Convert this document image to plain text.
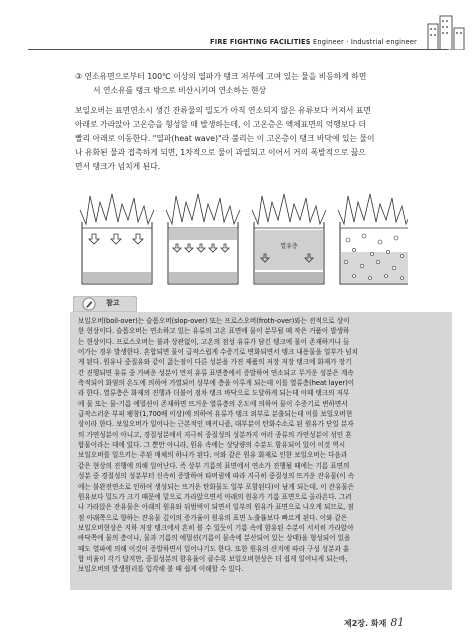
FIRE FIGHTING FACILITIES Engineer · Industrial engineer
③ 연소유면으로부터 100℃ 이상의 열파가 탱크 저부에 고여 있는 물을 비등하게 하면
서 연소유를 탱크 밖으로 비산시키며 연소하는 현상
보일오버는 표면연소시 생긴 잔류물의 밀도가 아직 연소되지 않은 유류보다 커져서 표면
아래로 가라앉아 고온층을 형성할 때 발생하는데, 이 고온층은 액체표면의 억행보다 더
빨리 아래로 이동한다. "열파(heat wave)"라 불리는 이 고온층이 탱크 바닥에 있는 물이
나 유화된 물과 접촉하게 되면, 1차적으로 물이 과열되고 이어서 거의 폭발적으로 끓으
면서 탱크가 넘치게 된다.
열유층
참고
보일오버(boil-over)는 슬롭오버(slop-over) 또는 프로스오버(froth-over)와는 전적으로 상이
한 현상이다. 슬롭오버는 연소하고 있는 유류의 고온 표면에 물이 분무될 때 작은 거품이 발생하
는 현상이다. 프로스오버는 불과 상관없이, 고온의 점성 유류가 담긴 탱크에 물이 존재하거나 들
어가는 경우 발생한다. 혼합되면 물이 급작스럽게 수증기로 변화되면서 탱크 내용물을 일부가 넘치
게 된다. 원유나 중질유와 같이 끓는점이 다른 성분을 가진 제품의 저장 저장 탱크에 화재가 장기
간 진행되면 유류 중 가벼운 성분이 먼저 유류 표면층에서 증발하여 연소되고 무거운 성분은 계속
축적되어 화염의 온도에 의하여 가열되어 상부에 층을 이루게 되는데 이를 열류층(heat layer)이
라 한다. 열류층은 화재의 진행과 더불어 점차 탱크 바닥으로 도달하게 되는데 이때 탱크의 저부
에 물 또는 물-기름 에멀션이 존재하면 뜨거운 열류층의 온도에 의하여 물이 수증기로 변하면서
급작스러운 부피 팽창(1,700배 이상)에 의하여 유류가 탱크 외부로 분출되는데 이를 보일오버현
상이라 한다. 보일오버가 일어나는 근본적인 매커니즘, 대부분이 탄화수소로 된 원유가 단일 분자
의 가연성분이 아니고, 경질성분에서 지극히 중질성의 성분까지 여러 종류의 가연성분이 섞인 혼
합물이라는 데에 있다. 그 뿐만 아니라, 원유 속에는 상당량의 수분도 함유되어 있어 이것 역시
보일오버를 일으키는 주된 매체의 하나가 된다. 이와 같은 원유 화재로 인한 보일오버는 다음과
같은 현상의 진행에 의해 일어난다. 즉 상부 기름의 표면에서 연소가 진행될 때에는 기름 표면의
성분 중 경질성의 성분부터 신속히 증발하여 타버림에 따라 지극히 중질성의 뜨거운 잔유물(이 속
에는 불완전연소로 인하여 생성되는 뜨거운 탄화물도 일부 포함된다)이 남게 되는데, 이 잔유물은
원유보다 밀도가 크기 때문에 밑으로 가라앉으면서 아래의 원유가 기름 표면으로 올라온다. 그러
나 가라앉은 잔유물은 아래의 원유와 뒤범벅이 되면서 일부의 원유가 표면으로 나오게 되므로, 점
점 아래쪽으로 향하는 잔유물 깊이의 증가율이 원유의 표면 노출률보다 빠르게 된다. 이와 같은
보일오버현상은 지하 저장 탱크에서 흔히 볼 수 있듯이 기름 속에 함유된 수분이 서서히 가라앉아
바닥쪽에 물의 층이나, 물과 기름의 에멀션(기름이 물속에 분산되어 있는 상태)을 형성되어 있을
때도 열파에 의해 이것이 증발하면서 일어나기도 한다. 또한 원유의 산지에 따라 구성 성분과 휸
합 비율이 각기 달지만, 중질성분의 함유율이 클수록 보일오버현상은 더 쉽게 일어나게 되는바,
보일오버의 발생원리를 입각해 볼 때 쉽게 이해할 수 있다.
제2장. 화재 81
